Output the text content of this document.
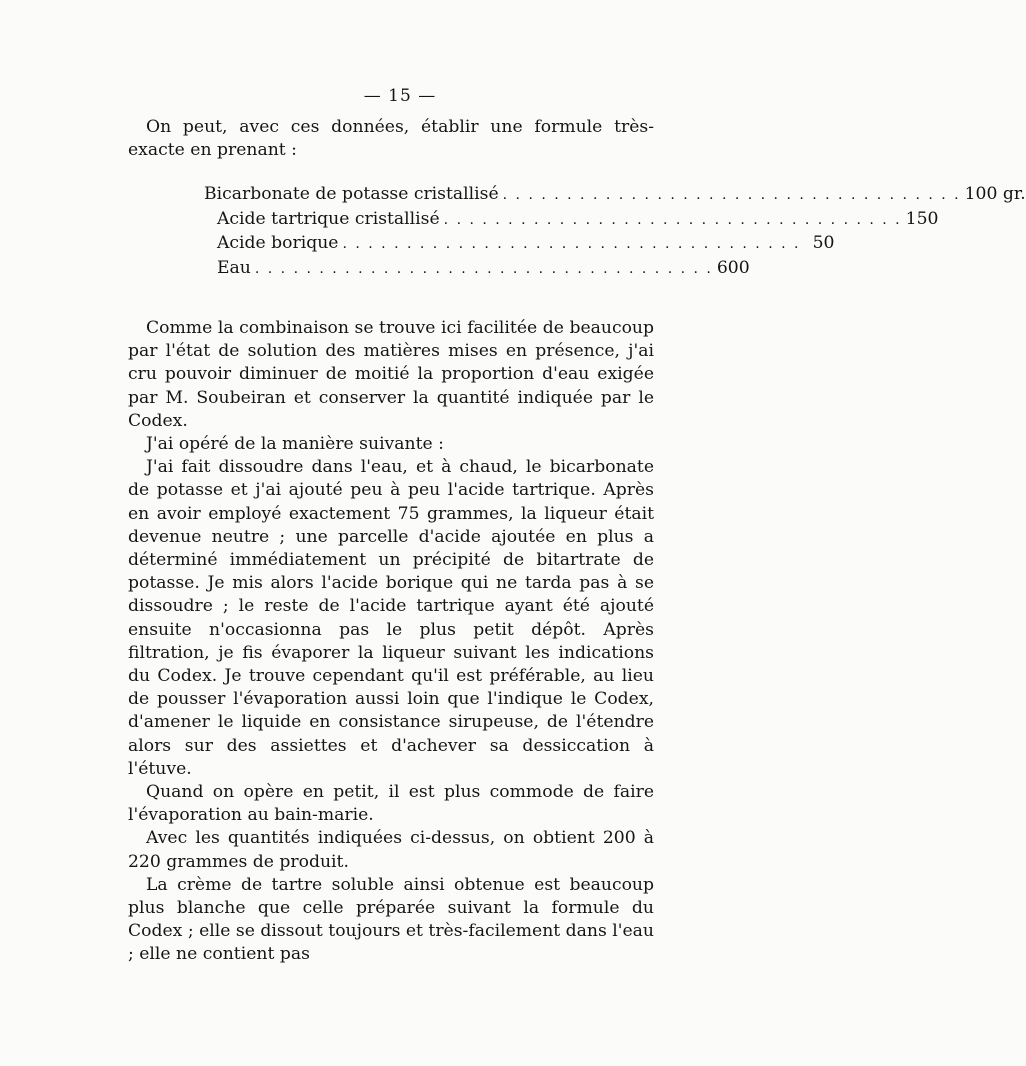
— 15 —

On peut, avec ces données, établir une formule très-exacte en prenant :

Bicarbonate de potasse cristallisé . . . . . . . . . . . . . . . . . . . . . . . . . . . . . . . . . . . . 100 gr.
Acide tartrique cristallisé . . . . . . . . . . . . . . . . . . . . . . . . . . . . . . . . . . . . 150
Acide borique . . . . . . . . . . . . . . . . . . . . . . . . . . . . . . . . . . . . 50
Eau . . . . . . . . . . . . . . . . . . . . . . . . . . . . . . . . . . . . 600

Comme la combinaison se trouve ici facilitée de beaucoup par l'état de solution des matières mises en présence, j'ai cru pouvoir diminuer de moitié la proportion d'eau exigée par M. Soubeiran et conserver la quantité indiquée par le Codex.

J'ai opéré de la manière suivante :

J'ai fait dissoudre dans l'eau, et à chaud, le bicarbonate de potasse et j'ai ajouté peu à peu l'acide tartrique. Après en avoir employé exactement 75 grammes, la liqueur était devenue neutre ; une parcelle d'acide ajoutée en plus a déterminé immédiatement un précipité de bitartrate de potasse. Je mis alors l'acide borique qui ne tarda pas à se dissoudre ; le reste de l'acide tartrique ayant été ajouté ensuite n'occasionna pas le plus petit dépôt. Après filtration, je fis évaporer la liqueur suivant les indications du Codex. Je trouve cependant qu'il est préférable, au lieu de pousser l'évaporation aussi loin que l'indique le Codex, d'amener le liquide en consistance sirupeuse, de l'étendre alors sur des assiettes et d'achever sa dessiccation à l'étuve.

Quand on opère en petit, il est plus commode de faire l'évaporation au bain-marie.

Avec les quantités indiquées ci-dessus, on obtient 200 à 220 grammes de produit.

La crème de tartre soluble ainsi obtenue est beaucoup plus blanche que celle préparée suivant la formule du Codex ; elle se dissout toujours et très-facilement dans l'eau ; elle ne contient pas
